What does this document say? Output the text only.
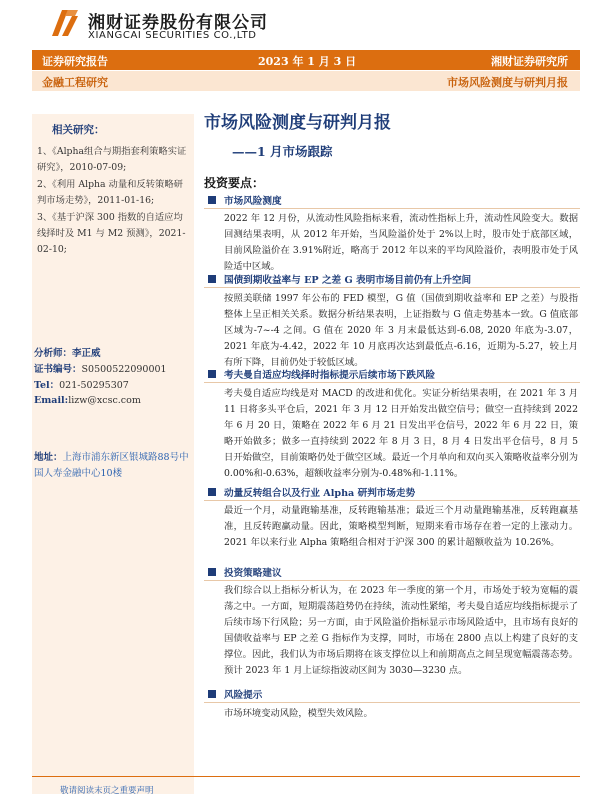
湘财证券股份有限公司
XIANGCAI SECURITIES CO.,LTD
证券研究报告	2023 年 1 月 3 日	湘财证券研究所
金融工程研究	市场风险测度与研判月报
相关研究：
1、《Alpha组合与期指套利策略实证研究》，2010-07-09;
2、《利用 Alpha 动量和反转策略研判市场走势》，2011-01-16;
3、《基于沪深 300 指数的自适应均线择时及 M1 与 M2 预测》，2021-02-10;
分析师：李正威
证书编号：S0500522090001
Tel：021-50295307
Email:lizw@xcsc.com
地址：上海市浦东新区银城路88号中国人寿金融中心10楼
市场风险测度与研判月报
——1 月市场跟踪
投资要点：
市场风险测度
2022 年 12 月份，从流动性风险指标来看，流动性指标上升，流动性风险变大。数据回测结果表明，从 2012 年开始，当风险溢价处于 2%以上时，股市处于底部区域，目前风险溢价在 3.91%附近，略高于 2012 年以来的平均风险溢价，表明股市处于风险适中区域。
国债到期收益率与 EP 之差 G 表明市场目前仍有上升空间
按照美联储 1997 年公布的 FED 模型，G 值（国债到期收益率和 EP 之差）与股指整体上呈正相关关系。数据分析结果表明，上证指数与 G 值走势基本一致。G 值底部区域为-7~-4 之间。G 值在 2020 年 3 月末最低达到-6.08, 2020 年底为-3.07，2021 年底为-4.42，2022 年 10 月底再次达到最低点-6.16，近期为-5.27，较上月有所下降，目前仍处于较低区域。
考夫曼自适应均线择时指标提示后续市场下跌风险
考夫曼自适应均线是对 MACD 的改进和优化。实证分析结果表明，在 2021 年 3 月 11 日将多头平仓后，2021 年 3 月 12 日开始发出做空信号；做空一直持续到 2022 年 6 月 20 日，策略在 2022 年 6 月 21 日发出平仓信号，2022 年 6 月 22 日，策略开始做多；做多一直持续到 2022 年 8 月 3 日，8 月 4 日发出平仓信号，8 月 5 日开始做空，目前策略仍处于做空区域。最近一个月单向和双向买入策略收益率分别为 0.00%和-0.63%，超额收益率分别为-0.48%和-1.11%。
动量反转组合以及行业 Alpha 研判市场走势
最近一个月，动量跑输基准，反转跑输基准；最近三个月动量跑输基准，反转跑赢基准，且反转跑赢动量。因此，策略模型判断，短期来看市场存在着一定的上涨动力。2021 年以来行业 Alpha 策略组合相对于沪深 300 的累计超额收益为 10.26%。
投资策略建议
我们综合以上指标分析认为，在 2023 年一季度的第一个月，市场处于较为宽幅的震荡之中。一方面，短期震荡趋势仍在持续，流动性紧缩，考夫曼自适应均线指标提示了后续市场下行风险；另一方面，由于风险溢价指标显示市场风险适中，且市场有良好的国债收益率与 EP 之差 G 指标作为支撑，同时，市场在 2800 点以上构建了良好的支撑位。因此，我们认为市场后期将在该支撑位以上和前期高点之间呈现宽幅震荡态势。预计 2023 年 1 月上证综指波动区间为 3030—3230 点。
风险提示
市场环境变动风险，模型失效风险。
敬请阅读末页之重要声明
